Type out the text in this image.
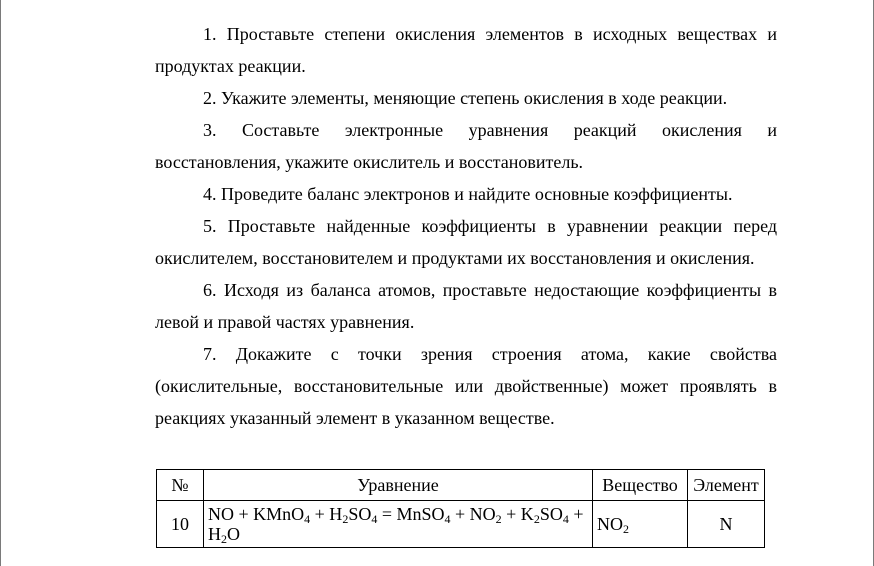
1. Проставьте степени окисления элементов в исходных веществах и продуктах реакции.

2. Укажите элементы, меняющие степень окисления в ходе реакции.

3. Составьте электронные уравнения реакций окисления и восстановления, укажите окислитель и восстановитель.

4. Проведите баланс электронов и найдите основные коэффициенты.

5. Проставьте найденные коэффициенты в уравнении реакции перед окислителем, восстановителем и продуктами их восстановления и окисления.

6. Исходя из баланса атомов, проставьте недостающие коэффициенты в левой и правой частях уравнения.

7. Докажите с точки зрения строения атома, какие свойства (окислительные, восстановительные или двойственные) может проявлять в реакциях указанный элемент в указанном веществе.

№	Уравнение	Вещество	Элемент
10	NO + KMnO$_4$ + $H_2SO_4$ = MnSO$_4$ + $NO_2 + K_2SO_4 + H_2O$	$NO_2$	N
